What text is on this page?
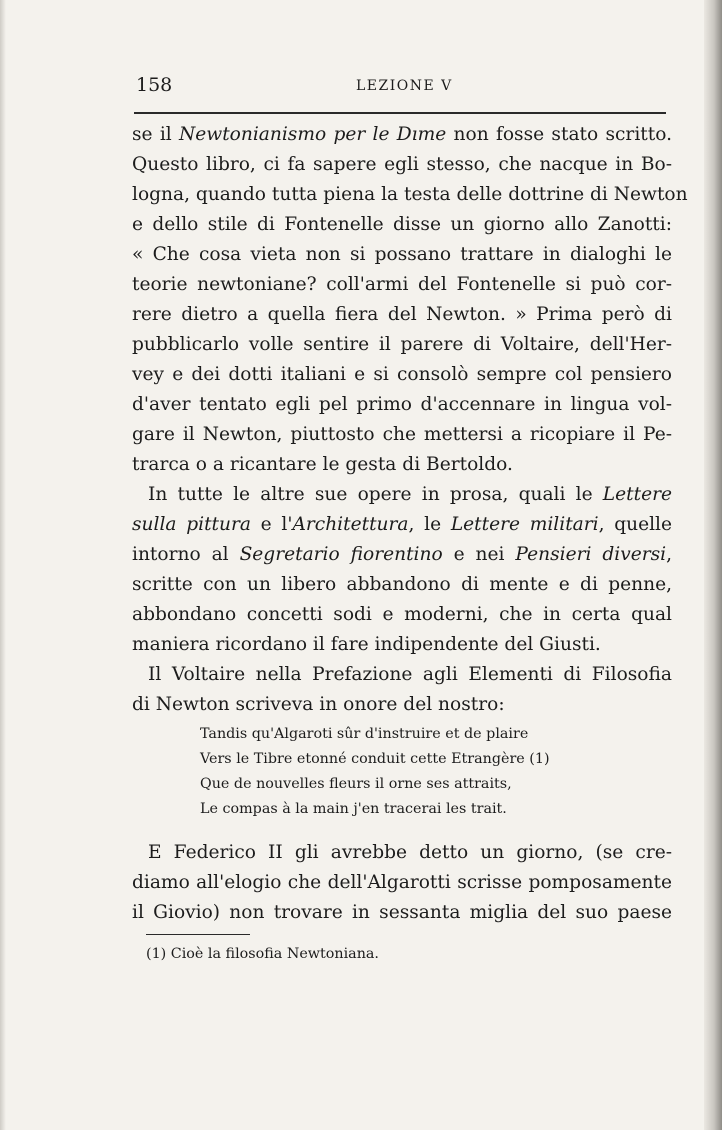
158	LEZIONE V
se il Newtonianismo per le Dıme non fosse stato scritto.
Questo libro, ci fa sapere egli stesso, che nacque in Bo-
logna, quando tutta piena la testa delle dottrine di Newton
e dello stile di Fontenelle disse un giorno allo Zanotti:
« Che cosa vieta non si possano trattare in dialoghi le
teorie newtoniane? coll'armi del Fontenelle si può cor-
rere dietro a quella fiera del Newton. » Prima però di
pubblicarlo volle sentire il parere di Voltaire, dell'Her-
vey e dei dotti italiani e si consolò sempre col pensiero
d'aver tentato egli pel primo d'accennare in lingua vol-
gare il Newton, piuttosto che mettersi a ricopiare il Pe-
trarca o a ricantare le gesta di Bertoldo.
In tutte le altre sue opere in prosa, quali le Lettere
sulla pittura e l'Architettura, le Lettere militari, quelle
intorno al Segretario fiorentino e nei Pensieri diversi,
scritte con un libero abbandono di mente e di penne,
abbondano concetti sodi e moderni, che in certa qual
maniera ricordano il fare indipendente del Giusti.
Il Voltaire nella Prefazione agli Elementi di Filosofia
di Newton scriveva in onore del nostro:
Tandis qu'Algaroti sûr d'instruire et de plaire
Vers le Tibre etonné conduit cette Etrangère (1)
Que de nouvelles fleurs il orne ses attraits,
Le compas à la main j'en tracerai les trait.
E Federico II gli avrebbe detto un giorno, (se cre-
diamo all'elogio che dell'Algarotti scrisse pomposamente
il Giovio) non trovare in sessanta miglia del suo paese
(1) Cioè la filosofia Newtoniana.
